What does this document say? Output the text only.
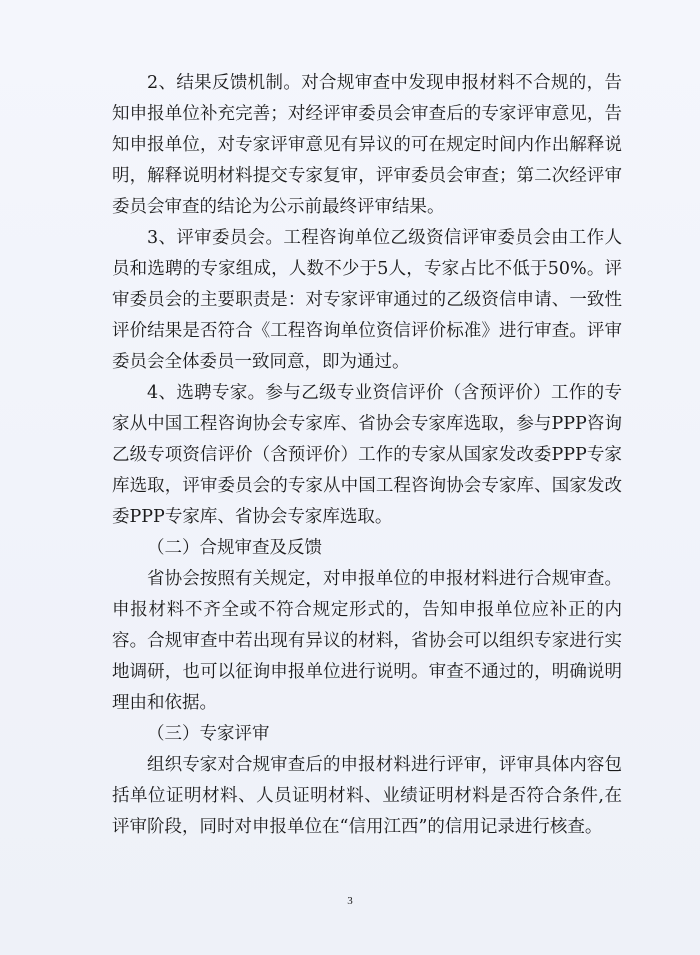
2、结果反馈机制。对合规审查中发现申报材料不合规的，告知申报单位补充完善；对经评审委员会审查后的专家评审意见，告知申报单位，对专家评审意见有异议的可在规定时间内作出解释说明，解释说明材料提交专家复审，评审委员会审查；第二次经评审委员会审查的结论为公示前最终评审结果。

3、评审委员会。工程咨询单位乙级资信评审委员会由工作人员和选聘的专家组成，人数不少于5人，专家占比不低于50%。评审委员会的主要职责是：对专家评审通过的乙级资信申请、一致性评价结果是否符合《工程咨询单位资信评价标准》进行审查。评审委员会全体委员一致同意，即为通过。

4、选聘专家。参与乙级专业资信评价（含预评价）工作的专家从中国工程咨询协会专家库、省协会专家库选取，参与PPP咨询乙级专项资信评价（含预评价）工作的专家从国家发改委PPP专家库选取，评审委员会的专家从中国工程咨询协会专家库、国家发改委PPP专家库、省协会专家库选取。

（二）合规审查及反馈

省协会按照有关规定，对申报单位的申报材料进行合规审查。申报材料不齐全或不符合规定形式的，告知申报单位应补正的内容。合规审查中若出现有异议的材料，省协会可以组织专家进行实地调研，也可以征询申报单位进行说明。审查不通过的，明确说明理由和依据。

（三）专家评审

组织专家对合规审查后的申报材料进行评审，评审具体内容包括单位证明材料、人员证明材料、业绩证明材料是否符合条件,在评审阶段，同时对申报单位在“信用江西”的信用记录进行核查。

3
